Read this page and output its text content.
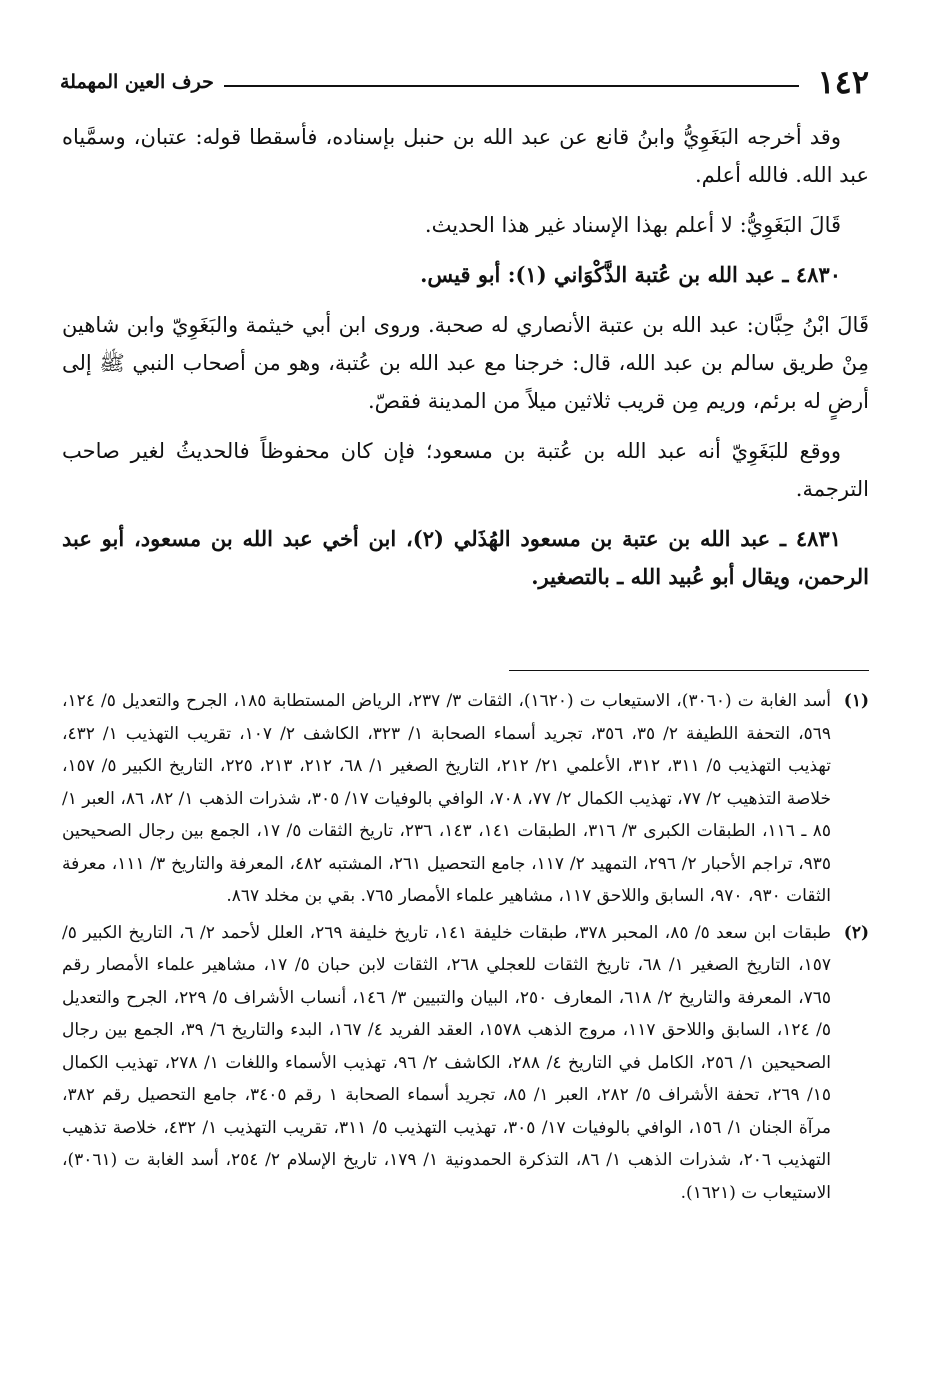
١٤٢
حرف العين المهملة

وقد أخرجه البَغَوِيُّ وابنُ قانع عن عبد الله بن حنبل بإسناده، فأسقطا قوله: عتبان، وسمَّياه عبد الله. فالله أعلم.

قَالَ البَغَوِيُّ: لا أعلم بهذا الإسناد غير هذا الحديث.

٤٨٣٠ ـ عبد الله بن عُتبة الذَّكْوَاني (١): أبو قيس.

قَالَ ابْنُ حِبَّان: عبد الله بن عتبة الأنصاري له صحبة. وروى ابن أبي خيثمة والبَغَوِيّ وابن شاهين مِنْ طريق سالم بن عبد الله، قال: خرجنا مع عبد الله بن عُتبة، وهو من أصحاب النبي ﷺ إلى أرضٍ له برئم، وريم مِن قريب ثلاثين ميلاً من المدينة فقصّ.

ووقع للبَغَوِيّ أنه عبد الله بن عُتبة بن مسعود؛ فإن كان محفوظاً فالحديثُ لغير صاحب الترجمة.

٤٨٣١ ـ عبد الله بن عتبة بن مسعود الهُذَلي (٢)، ابن أخي عبد الله بن مسعود، أبو عبد الرحمن، ويقال أبو عُبيد الله ـ بالتصغير.

(١)
أسد الغابة ت (٣٠٦٠)، الاستيعاب ت (١٦٢٠)، الثقات ٣/ ٢٣٧، الرياض المستطابة ١٨٥، الجرح والتعديل ٥/ ١٢٤، ٥٦٩، التحفة اللطيفة ٢/ ٣٥، ٣٥٦، تجريد أسماء الصحابة ١/ ٣٢٣، الكاشف ٢/ ١٠٧، تقريب التهذيب ١/ ٤٣٢، تهذيب التهذيب ٥/ ٣١١، ٣١٢، الأعلمي ٢١/ ٢١٢، التاريخ الصغير ١/ ٦٨، ٢١٢، ٢١٣، ٢٢٥، التاريخ الكبير ٥/ ١٥٧، خلاصة التذهيب ٢/ ٧٧، تهذيب الكمال ٢/ ٧٧، ٧٠٨، الوافي بالوفيات ١٧/ ٣٠٥، شذرات الذهب ١/ ٨٢، ٨٦، العبر ١/ ٨٥ ـ ١١٦، الطبقات الكبرى ٣/ ٣١٦، الطبقات ١٤١، ١٤٣، ٢٣٦، تاريخ الثقات ٥/ ١٧، الجمع بين رجال الصحيحين ٩٣٥، تراجم الأحبار ٢/ ٢٩٦، التمهيد ٢/ ١١٧، جامع التحصيل ٢٦١، المشتبه ٤٨٢، المعرفة والتاريخ ٣/ ١١١، معرفة الثقات ٩٣٠، ٩٧٠، السابق واللاحق ١١٧، مشاهير علماء الأمصار ٧٦٥. بقي بن مخلد ٨٦٧.
(٢)
طبقات ابن سعد ٥/ ٨٥، المحبر ٣٧٨، طبقات خليفة ١٤١، تاريخ خليفة ٢٦٩، العلل لأحمد ٢/ ٦، التاريخ الكبير ٥/ ١٥٧، التاريخ الصغير ١/ ٦٨، تاريخ الثقات للعجلي ٢٦٨، الثقات لابن حبان ٥/ ١٧، مشاهير علماء الأمصار رقم ٧٦٥، المعرفة والتاريخ ٢/ ٦١٨، المعارف ٢٥٠، البيان والتبيين ٣/ ١٤٦، أنساب الأشراف ٥/ ٢٢٩، الجرح والتعديل ٥/ ١٢٤، السابق واللاحق ١١٧، مروج الذهب ١٥٧٨، العقد الفريد ٤/ ١٦٧، البدء والتاريخ ٦/ ٣٩، الجمع بين رجال الصحيحين ١/ ٢٥٦، الكامل في التاريخ ٤/ ٢٨٨، الكاشف ٢/ ٩٦، تهذيب الأسماء واللغات ١/ ٢٧٨، تهذيب الكمال ١٥/ ٢٦٩، تحفة الأشراف ٥/ ٢٨٢، العبر ١/ ٨٥، تجريد أسماء الصحابة ١ رقم ٣٤٠٥، جامع التحصيل رقم ٣٨٢، مرآة الجنان ١/ ١٥٦، الوافي بالوفيات ١٧/ ٣٠٥، تهذيب التهذيب ٥/ ٣١١، تقريب التهذيب ١/ ٤٣٢، خلاصة تذهيب التهذيب ٢٠٦، شذرات الذهب ١/ ٨٦، التذكرة الحمدونية ١/ ١٧٩، تاريخ الإسلام ٢/ ٢٥٤، أسد الغابة ت (٣٠٦١)، الاستيعاب ت (١٦٢١).
